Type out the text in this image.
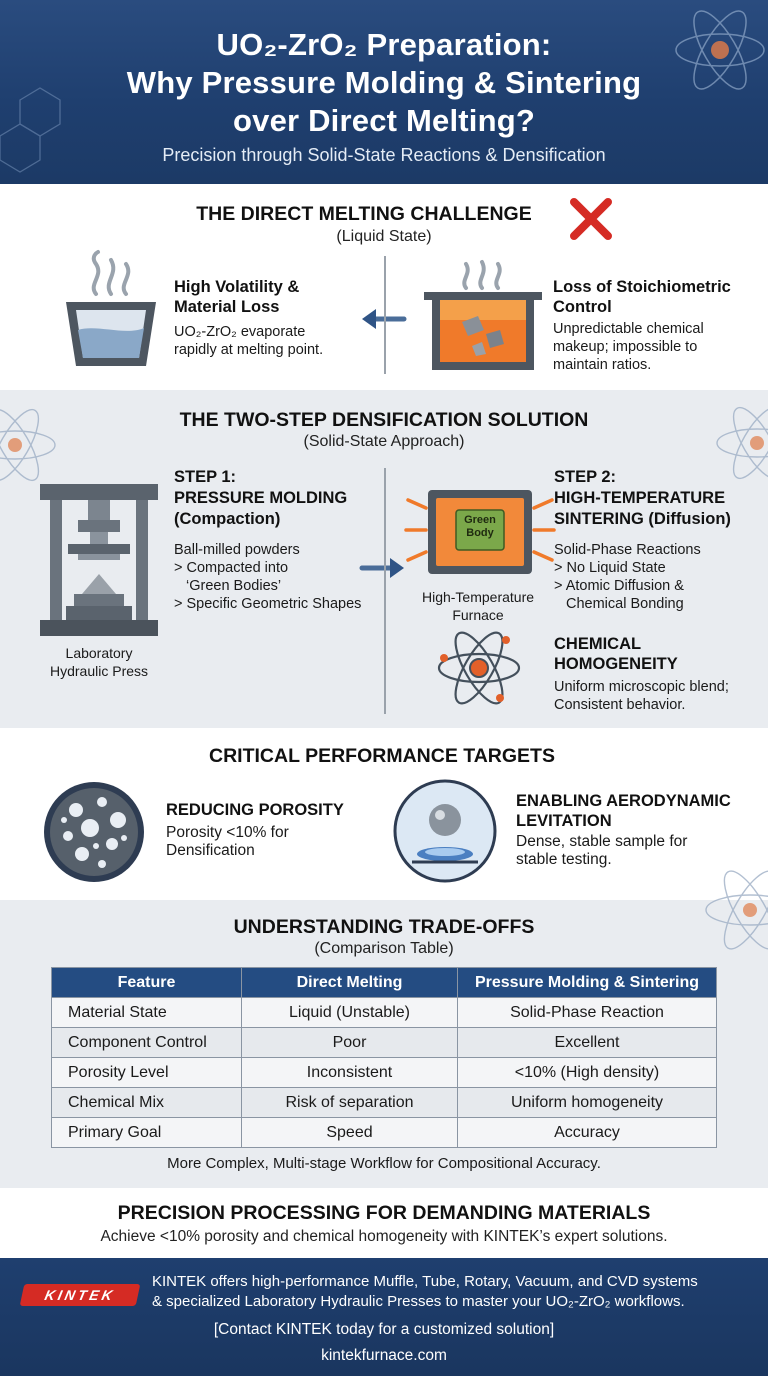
UO₂-ZrO₂ Preparation:
Why Pressure Molding & Sintering
over Direct Melting?
Precision through Solid-State Reactions & Densification
THE DIRECT MELTING CHALLENGE
(Liquid State)
High Volatility &
Material Loss
UO₂-ZrO₂ evaporate
rapidly at melting point.
Loss of Stoichiometric
Control
Unpredictable chemical
makeup; impossible to
maintain ratios.
THE TWO-STEP DENSIFICATION SOLUTION
(Solid-State Approach)
Laboratory
Hydraulic Press
STEP 1:
PRESSURE MOLDING
(Compaction)
Ball-milled powders
> Compacted into
‘Green Bodies’
> Specific Geometric Shapes
Green
Body
High-Temperature
Furnace
STEP 2:
HIGH-TEMPERATURE
SINTERING (Diffusion)
Solid-Phase Reactions
> No Liquid State
> Atomic Diffusion &
Chemical Bonding
CHEMICAL
HOMOGENEITY
Uniform microscopic blend;
Consistent behavior.
CRITICAL PERFORMANCE TARGETS
REDUCING POROSITY
Porosity <10% for
Densification
ENABLING AERODYNAMIC
LEVITATION
Dense, stable sample for
stable testing.
UNDERSTANDING TRADE-OFFS
(Comparison Table)
Feature	Direct Melting	Pressure Molding & Sintering
Material State	Liquid (Unstable)	Solid-Phase Reaction
Component Control	Poor	Excellent
Porosity Level	Inconsistent	<10% (High density)
Chemical Mix	Risk of separation	Uniform homogeneity
Primary Goal	Speed	Accuracy
More Complex, Multi-stage Workflow for Compositional Accuracy.
PRECISION PROCESSING FOR DEMANDING MATERIALS
Achieve <10% porosity and chemical homogeneity with KINTEK’s expert solutions.
KINTEK
KINTEK offers high-performance Muffle, Tube, Rotary, Vacuum, and CVD systems
& specialized Laboratory Hydraulic Presses to master your UO₂-ZrO₂ workflows.
[Contact KINTEK today for a customized solution]
kintekfurnace.com
